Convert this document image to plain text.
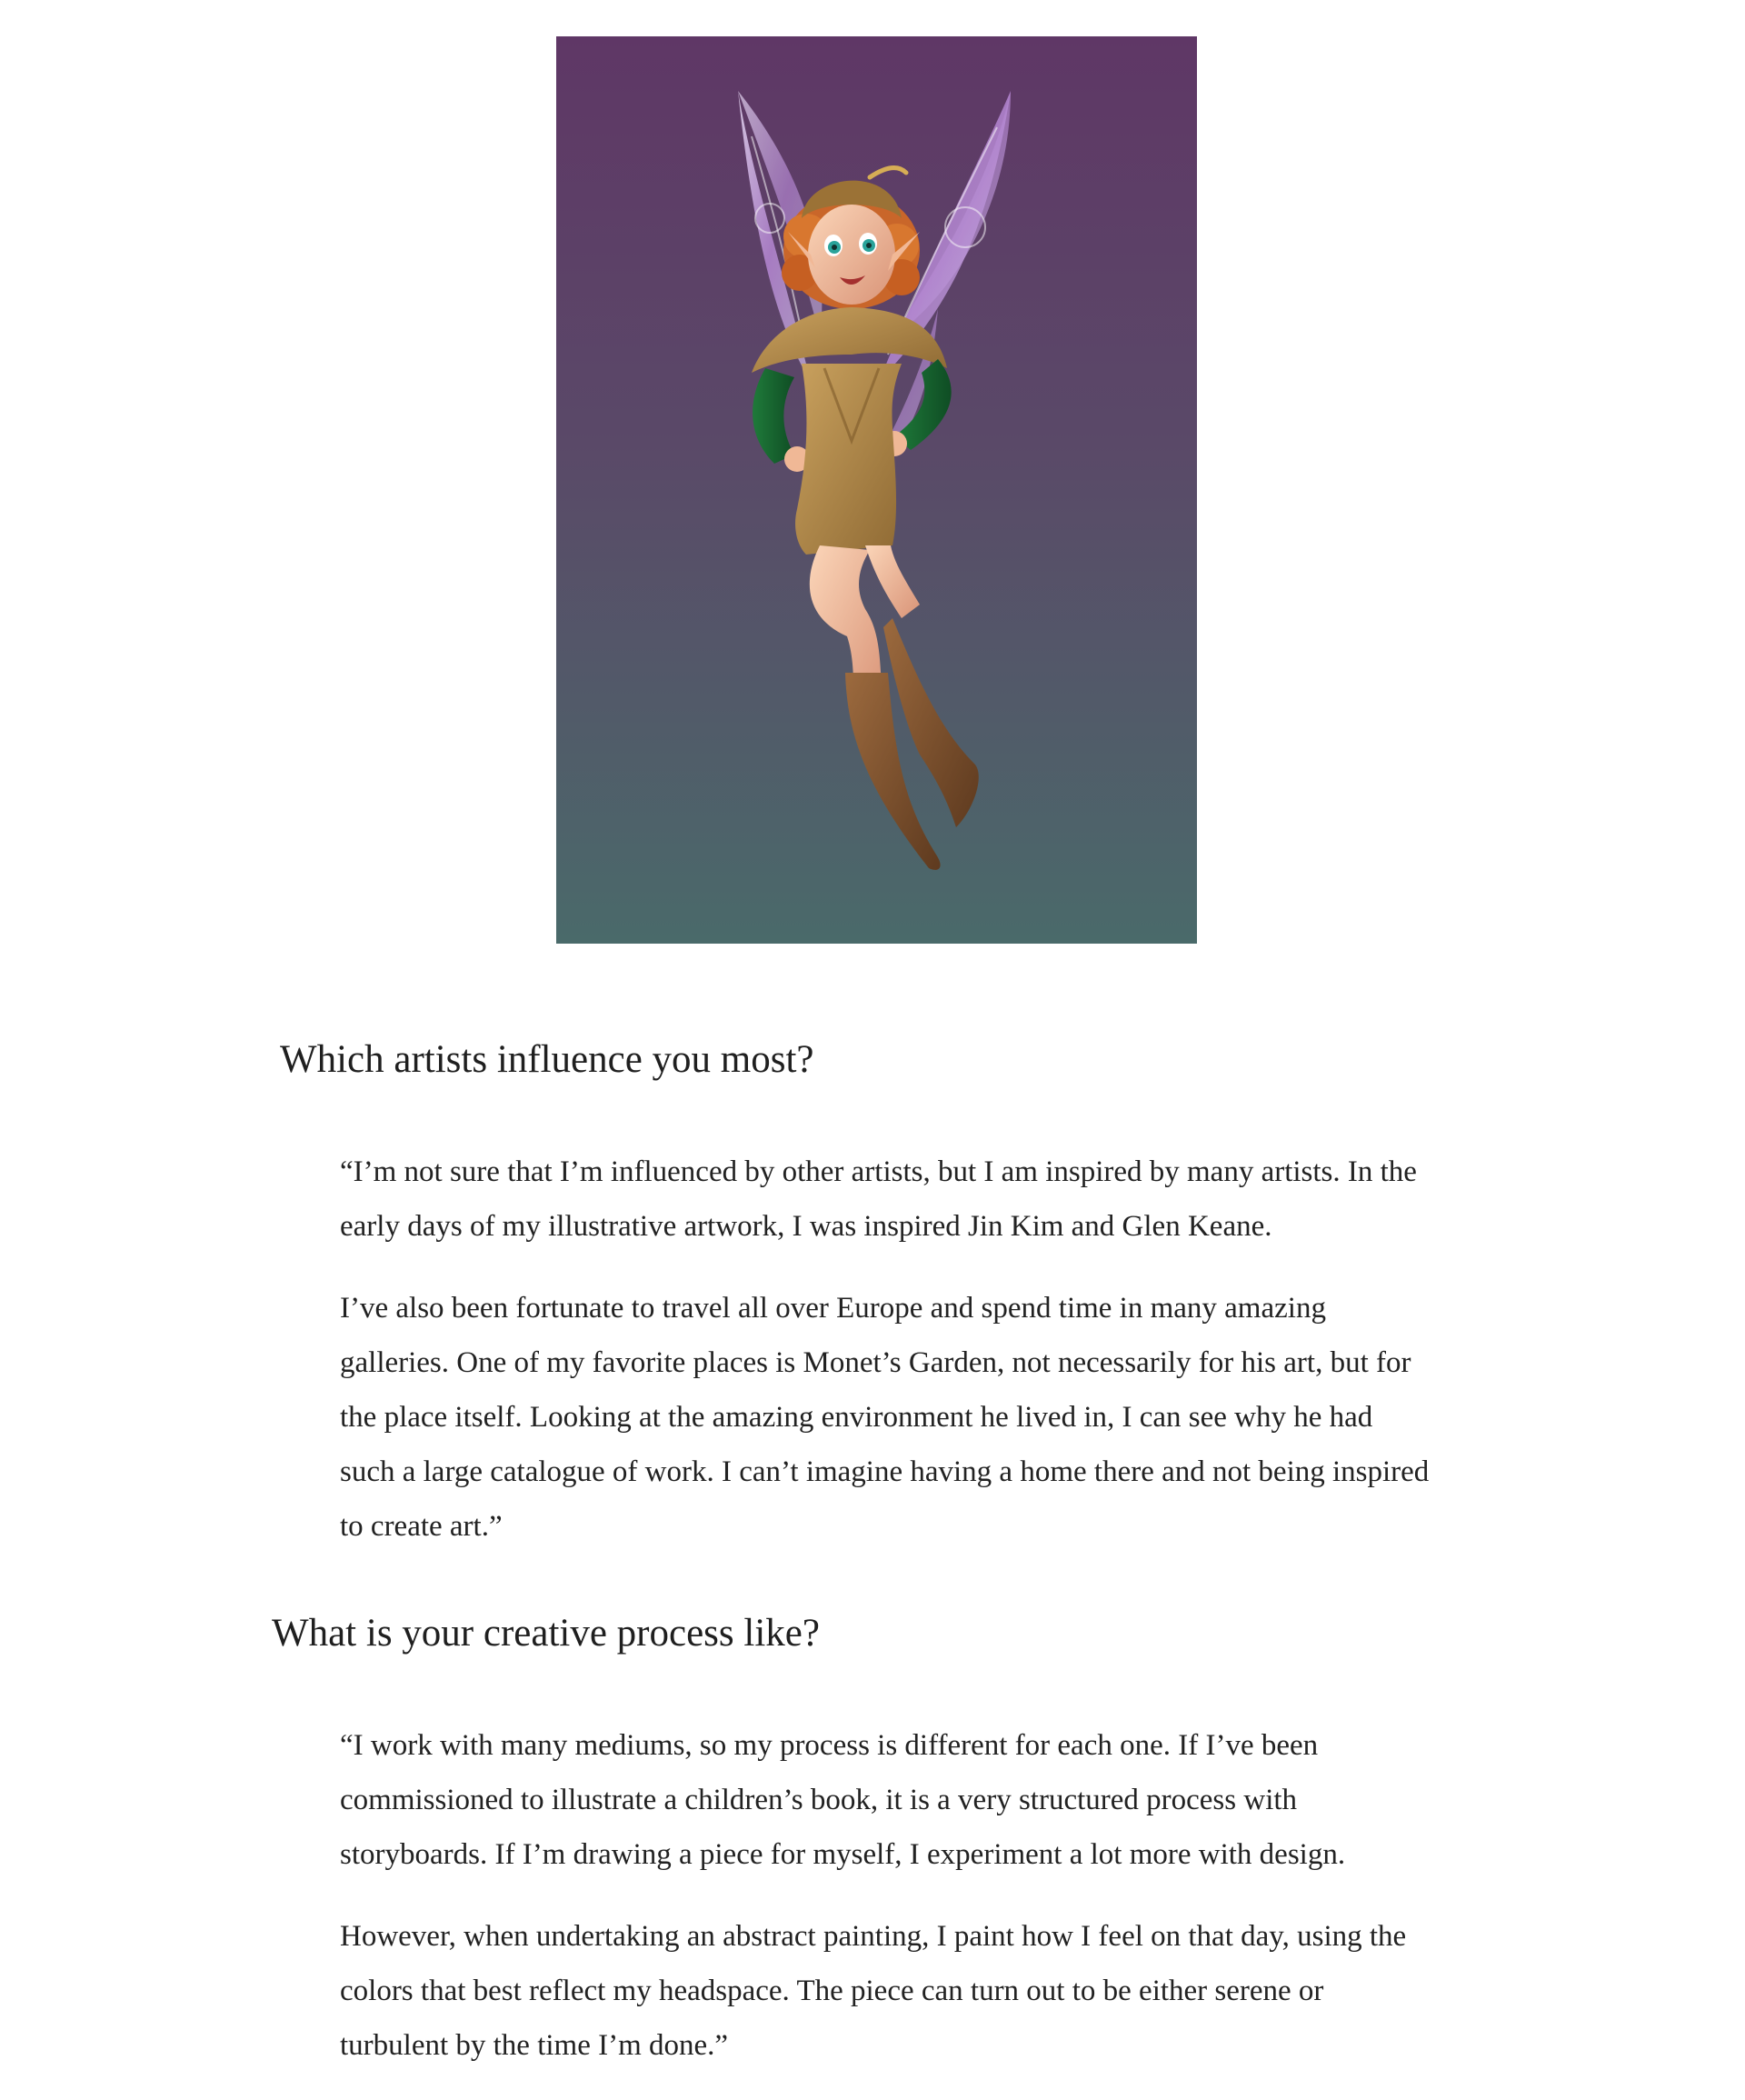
Which artists influence you most?

“I’m not sure that I’m influenced by other artists, but I am inspired by many artists. In the early days of my illustrative artwork, I was inspired Jin Kim and Glen Keane.

I’ve also been fortunate to travel all over Europe and spend time in many amazing galleries. One of my favorite places is Monet’s Garden, not necessarily for his art, but for the place itself. Looking at the amazing environment he lived in, I can see why he had such a large catalogue of work. I can’t imagine having a home there and not being inspired to create art.”

What is your creative process like?

“I work with many mediums, so my process is different for each one. If I’ve been commissioned to illustrate a children’s book, it is a very structured process with storyboards. If I’m drawing a piece for myself, I experiment a lot more with design.

However, when undertaking an abstract painting, I paint how I feel on that day, using the colors that best reflect my headspace. The piece can turn out to be either serene or turbulent by the time I’m done.”
